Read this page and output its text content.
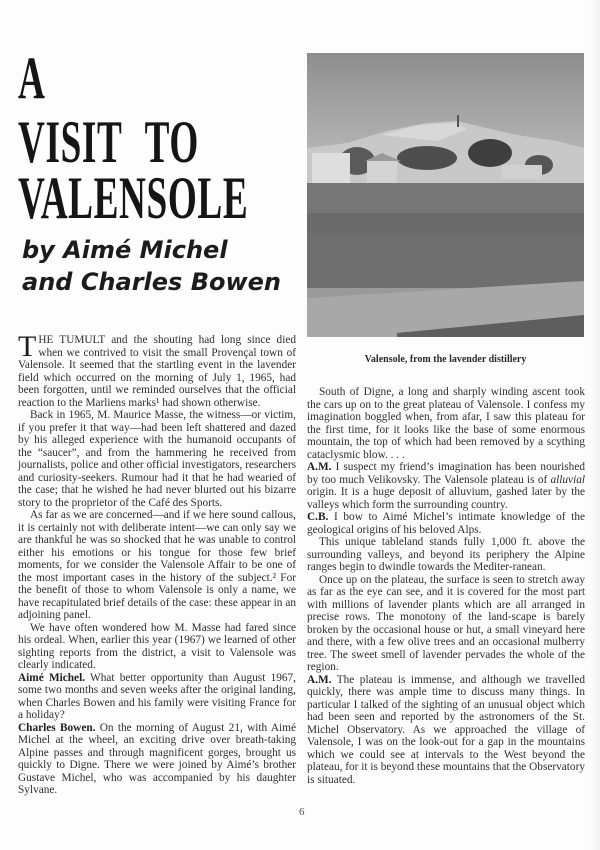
A
VISIT TO
VALENSOLE
by Aimé Michel
and Charles Bowen
Valensole, from the lavender distillery

THE TUMULT and the shouting had long since died when we contrived to visit the small Provençal town of Valensole. It seemed that the startling event in the lavender field which occurred on the morning of July 1, 1965, had been forgotten, until we reminded ourselves that the official reaction to the Marliens marks¹ had shown otherwise.

Back in 1965, M. Maurice Masse, the witness—or victim, if you prefer it that way—had been left shattered and dazed by his alleged experience with the humanoid occupants of the “saucer”, and from the hammering he received from journalists, police and other official investigators, researchers and curiosity-seekers. Rumour had it that he had wearied of the case; that he wished he had never blurted out his bizarre story to the proprietor of the Café des Sports.

As far as we are concerned—and if we here sound callous, it is certainly not with deliberate intent—we can only say we are thankful he was so shocked that he was unable to control either his emotions or his tongue for those few brief moments, for we consider the Valensole Affair to be one of the most important cases in the history of the subject.² For the benefit of those to whom Valensole is only a name, we have recapitulated brief details of the case: these appear in an adjoining panel.

We have often wondered how M. Masse had fared since his ordeal. When, earlier this year (1967) we learned of other sighting reports from the district, a visit to Valensole was clearly indicated.

Aimé Michel. What better opportunity than August 1967, some two months and seven weeks after the original landing, when Charles Bowen and his family were visiting France for a holiday?

Charles Bowen. On the morning of August 21, with Aimé Michel at the wheel, an exciting drive over breath-taking Alpine passes and through magnificent gorges, brought us quickly to Digne. There we were joined by Aimé’s brother Gustave Michel, who was accompanied by his daughter Sylvane.

South of Digne, a long and sharply winding ascent took the cars up on to the great plateau of Valensole. I confess my imagination boggled when, from afar, I saw this plateau for the first time, for it looks like the base of some enormous mountain, the top of which had been removed by a scything cataclysmic blow. . . .

A.M. I suspect my friend’s imagination has been nourished by too much Velikovsky. The Valensole plateau is of alluvial origin. It is a huge deposit of alluvium, gashed later by the valleys which form the surrounding country.

C.B. I bow to Aimé Michel’s intimate knowledge of the geological origins of his beloved Alps.

This unique tableland stands fully 1,000 ft. above the surrounding valleys, and beyond its periphery the Alpine ranges begin to dwindle towards the Mediter-ranean.

Once up on the plateau, the surface is seen to stretch away as far as the eye can see, and it is covered for the most part with millions of lavender plants which are all arranged in precise rows. The monotony of the land-scape is barely broken by the occasional house or hut, a small vineyard here and there, with a few olive trees and an occasional mulberry tree. The sweet smell of lavender pervades the whole of the region.

A.M. The plateau is immense, and although we travelled quickly, there was ample time to discuss many things. In particular I talked of the sighting of an unusual object which had been seen and reported by the astronomers of the St. Michel Observatory. As we approached the village of Valensole, I was on the look-out for a gap in the mountains which we could see at intervals to the West beyond the plateau, for it is beyond these mountains that the Observatory is situated.

6
